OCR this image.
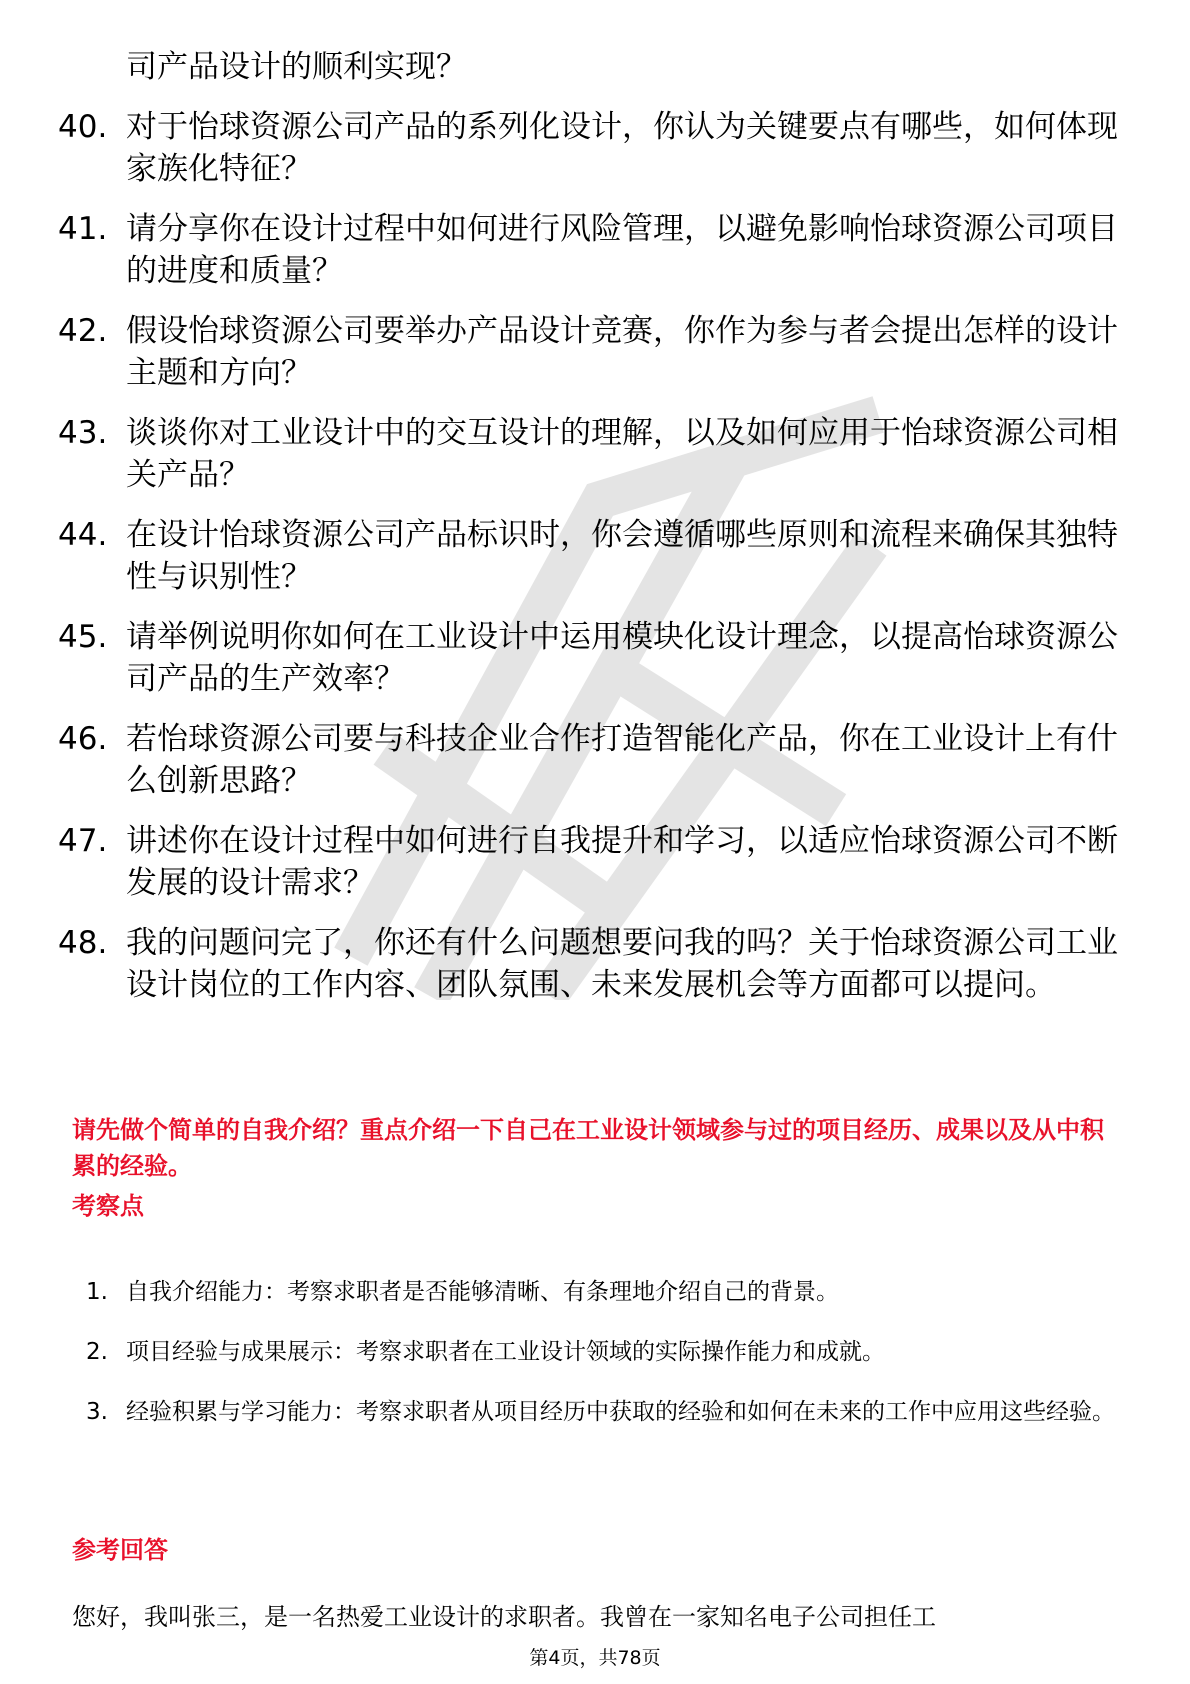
司产品设计的顺利实现？
40. 对于怡球资源公司产品的系列化设计，你认为关键要点有哪些，如何体现家族化特征？
41. 请分享你在设计过程中如何进行风险管理，以避免影响怡球资源公司项目的进度和质量？
42. 假设怡球资源公司要举办产品设计竞赛，你作为参与者会提出怎样的设计主题和方向？
43. 谈谈你对工业设计中的交互设计的理解，以及如何应用于怡球资源公司相关产品？
44. 在设计怡球资源公司产品标识时，你会遵循哪些原则和流程来确保其独特性与识别性？
45. 请举例说明你如何在工业设计中运用模块化设计理念，以提高怡球资源公司产品的生产效率？
46. 若怡球资源公司要与科技企业合作打造智能化产品，你在工业设计上有什么创新思路？
47. 讲述你在设计过程中如何进行自我提升和学习，以适应怡球资源公司不断发展的设计需求？
48. 我的问题问完了，你还有什么问题想要问我的吗？关于怡球资源公司工业设计岗位的工作内容、团队氛围、未来发展机会等方面都可以提问。
请先做个简单的自我介绍？重点介绍一下自己在工业设计领域参与过的项目经历、成果以及从中积累的经验。
考察点
1. 自我介绍能力：考察求职者是否能够清晰、有条理地介绍自己的背景。
2. 项目经验与成果展示：考察求职者在工业设计领域的实际操作能力和成就。
3. 经验积累与学习能力：考察求职者从项目经历中获取的经验和如何在未来的工作中应用这些经验。
参考回答
您好，我叫张三，是一名热爱工业设计的求职者。我曾在一家知名电子公司担任工
第4页，共78页
